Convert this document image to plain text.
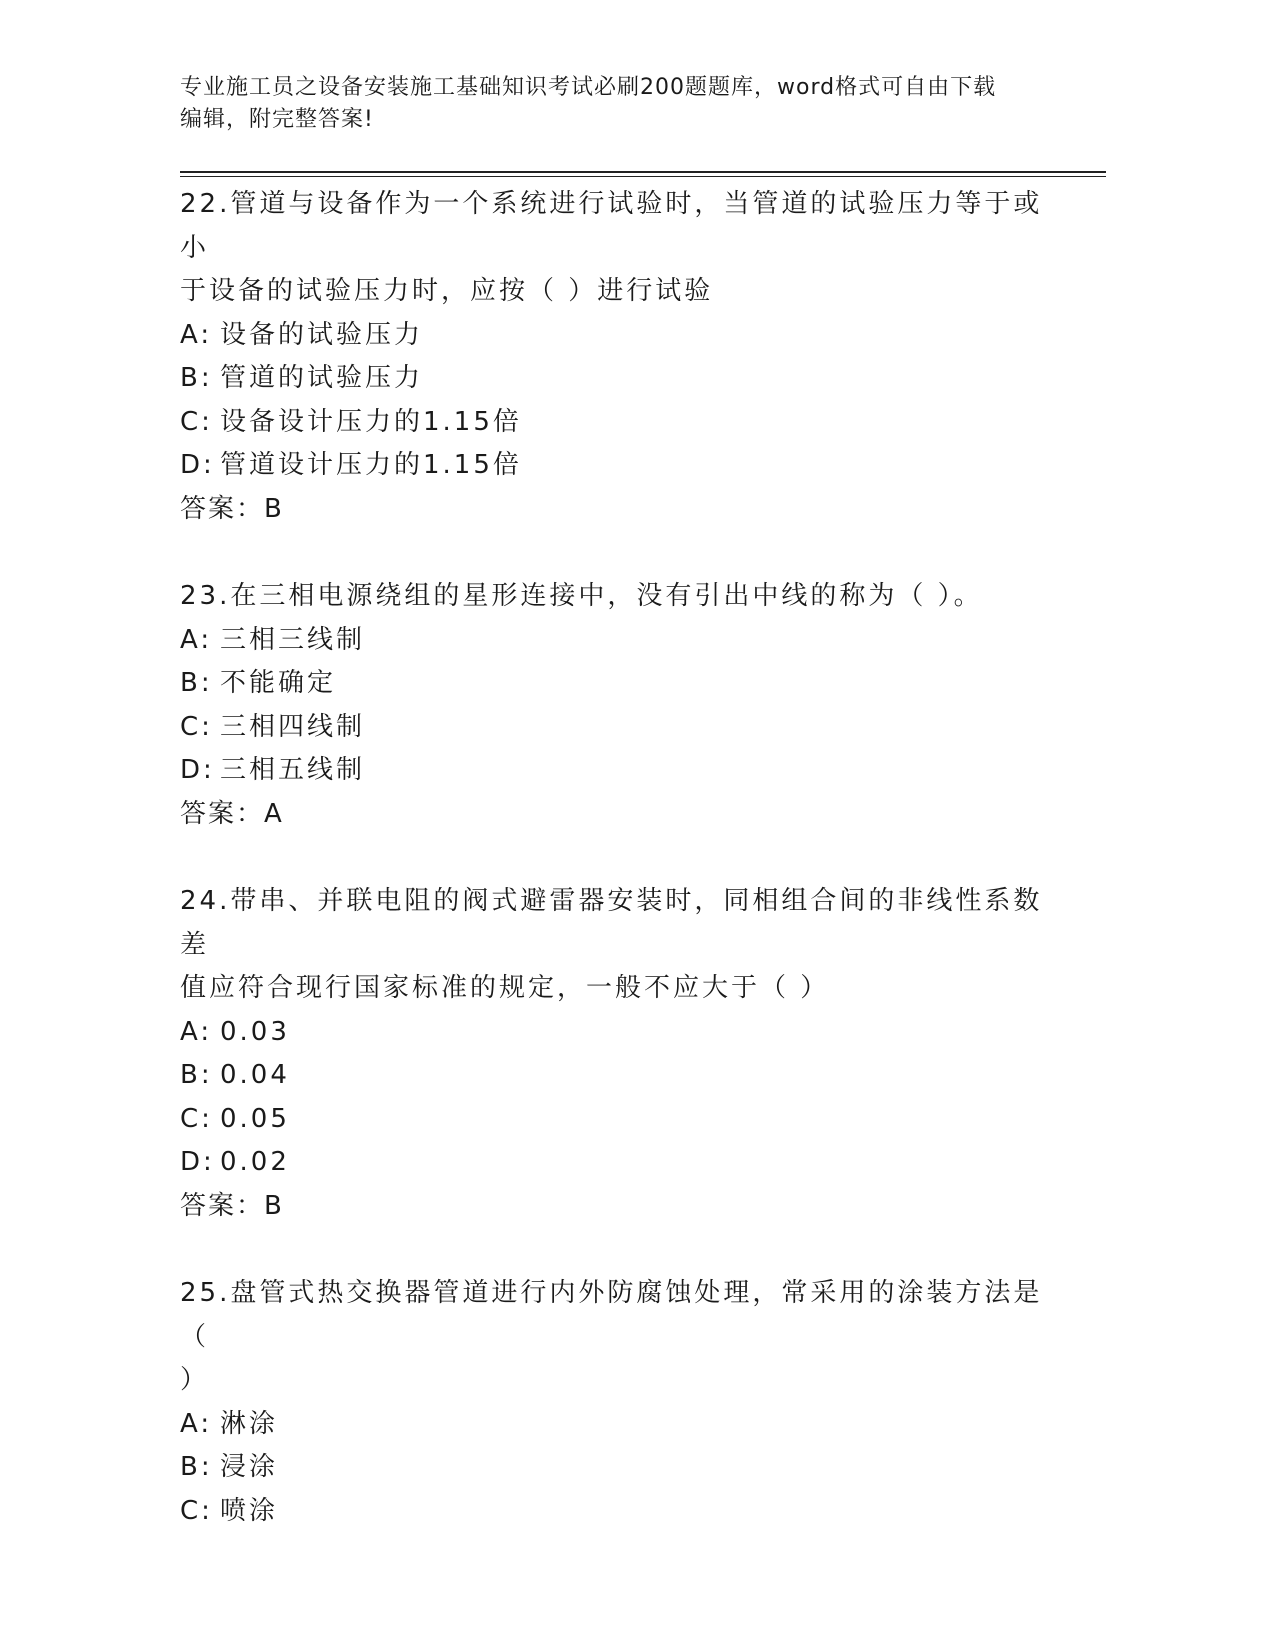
专业施工员之设备安装施工基础知识考试必刷200题题库，word格式可自由下载
编辑，附完整答案!

22.管道与设备作为一个系统进行试验时，当管道的试验压力等于或小

于设备的试验压力时，应按（ ）进行试验

A: 设备的试验压力

B: 管道的试验压力

C: 设备设计压力的1.15倍

D: 管道设计压力的1.15倍

答案：B

23.在三相电源绕组的星形连接中，没有引出中线的称为（ ）。

A: 三相三线制

B: 不能确定

C: 三相四线制

D: 三相五线制

答案：A

24.带串、并联电阻的阀式避雷器安装时，同相组合间的非线性系数差

值应符合现行国家标准的规定，一般不应大于（ ）

A: 0.03

B: 0.04

C: 0.05

D: 0.02

答案：B

25.盘管式热交换器管道进行内外防腐蚀处理，常采用的涂装方法是（

）

A: 淋涂

B: 浸涂

C: 喷涂
